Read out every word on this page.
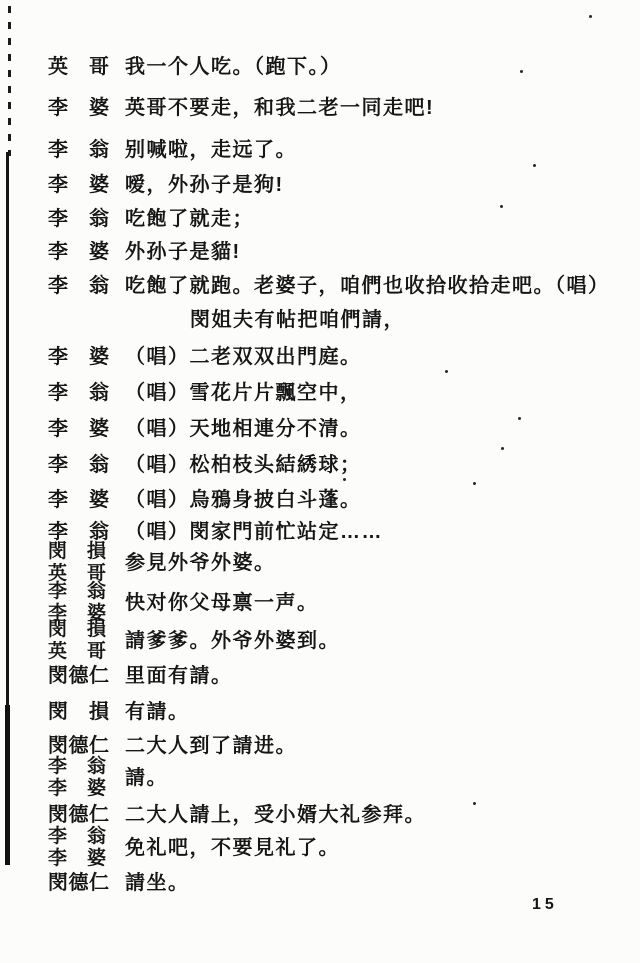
英　哥 我一个人吃。（跑下。）
李　婆 英哥不要走，和我二老一同走吧!
李　翁 别喊啦，走远了。
李　婆 嗳，外孙子是狗!
李　翁 吃飽了就走；
李　婆 外孙子是貓!
李　翁 吃飽了就跑。老婆子，咱們也收拾收拾走吧。（唱）
閔姐夫有帖把咱們請，
李　婆 （唱）二老双双出門庭。
李　翁 （唱）雪花片片飄空中，
李　婆 （唱）天地相連分不清。
李　翁 （唱）松柏枝头結綉球；
李　婆 （唱）烏鴉身披白斗蓬。
李　翁 （唱）閔家門前忙站定……
閔　損
英　哥 参見外爷外婆。
李　翁
李　婆 快对你父母禀一声。
閔　損
英　哥 請爹爹。外爷外婆到。
閔德仁 里面有請。
閔　損 有請。
閔德仁 二大人到了請进。
李　翁
李　婆 請。
閔德仁 二大人請上，受小婿大礼参拜。
李　翁
李　婆 免礼吧，不要見礼了。
閔德仁 請坐。
15
